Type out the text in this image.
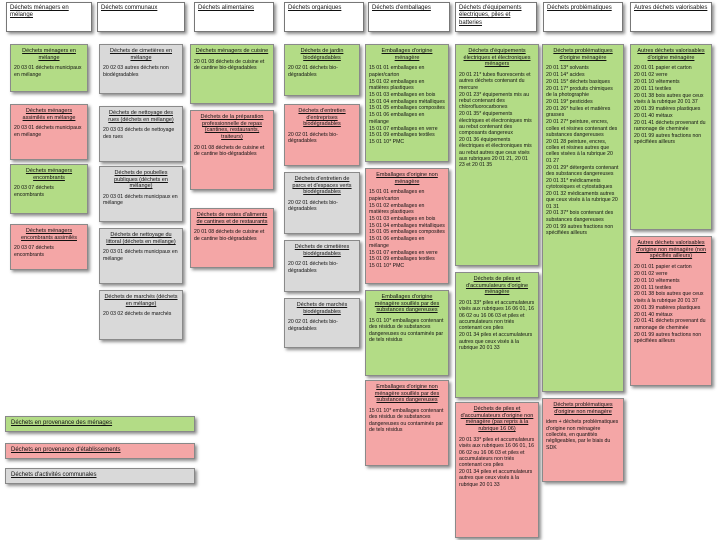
Déchets ménagers en mélange
Déchets communaux	Déchets alimentaires	Déchets organiques	Déchets d'emballages	Déchets d'équipements électriques, piles et batteries
Déchets problématiques	Autres déchets valorisables
Déchets ménagers en mélange
20 03 01 déchets municipaux en mélange
Déchets ménagers assimilés en mélange
20 03 01 déchets municipaux en mélange
Déchets ménagers encombrants
20 03 07 déchets encombrants
Déchets ménagers encombrants assimilés
20 03 07 déchets encombrants
Déchets de cimetières en mélange
20 02 03 autres déchets non biodégradables
Déchets de nettoyage des rues (déchets en mélange)
20 03 03 déchets de nettoyage des rues
Déchets de poubelles publiques (déchets en mélange)
20 03 01 déchets municipaux en mélange
Déchets de nettoyage du littoral (déchets en mélange)
20 03 01 déchets municipaux en mélange
Déchets de marchés (déchets en mélange)
20 03 02 déchets de marchés
Déchets ménagers de cuisine
20 01 08 déchets de cuisine et de cantine bio-dégradables
Déchets de la préparation professionnelle de repas (cantines, restaurants, traiteurs)
20 01 08 déchets de cuisine et de cantine bio-dégradables
Déchets de restes d'aliments de cantines et de restaurants
20 01 08 déchets de cuisine et de cantine bio-dégradables
Déchets de jardin biodégradables
20 02 01 déchets bio-dégradables
Déchets d'entretien d'entreprises biodégradables
20 02 01 déchets bio-dégradables
Déchets d'entretien de parcs et d'espaces verts biodégradables
20 02 01 déchets bio-dégradables
Déchets de cimetières biodégradables
20 02 01 déchets bio-dégradables
Déchets de marchés biodégradables
20 02 01 déchets bio-dégradables
Emballages d'origine ménagère
15 01 01 emballages en papier/carton
15 01 02 emballages en matières plastiques
15 01 03 emballages en bois
15 01 04 emballages métalliques
15 01 05 emballages composites
15 01 06 emballages en mélange
15 01 07 emballages en verre
15 01 09 emballages textiles
15 01 10* PMC
Emballages d'origine non ménagère
15 01 01 emballages en papier/carton
15 01 02 emballages en matières plastiques
15 01 03 emballages en bois
15 01 04 emballages métalliques
15 01 05 emballages composites
15 01 06 emballages en mélange
15 01 07 emballages en verre
15 01 09 emballages textiles
15 01 10* PMC
Emballages d'origine ménagère souillés par des substances dangereuses
15 01 10* emballages contenant des résidus de substances dangereuses ou contaminés par de tels résidus
Emballages d'origine non ménagère souillés par des substances dangereuses
15 01 10* emballages contenant des résidus de substances dangereuses ou contaminés par de tels résidus
Déchets d'équipements électriques et électroniques ménagers
20 01 21* tubes fluorescents et autres déchets contenant du mercure
20 01 23* équipements mis au rebut contenant des chlorofluorocarbones
20 01 35* équipements électriques et électroniques mis au rebut contenant des composants dangereux
20 01 36 équipements électriques et électroniques mis au rebut autres que ceux visés aux rubriques 20 01 21, 20 01 23 et 20 01 35
Déchets de piles et d'accumulateurs d'origine ménagère
20 01 33* piles et accumulateurs visés aux rubriques 16 06 01, 16 06 02 ou 16 06 03 et piles et accumulateurs non triés contenant ces piles
20 01 34 piles et accumulateurs autres que ceux visés à la rubrique 20 01 33
Déchets de piles et d'accumulateurs d'origine non ménagère (pas repris à la rubrique 16 06)
20 01 33* piles et accumulateurs visés aux rubriques 16 06 01, 16 06 02 ou 16 06 03 et piles et accumulateurs non triés contenant ces piles
20 01 34 piles et accumulateurs autres que ceux visés à la rubrique 20 01 33
Déchets problématiques d'origine ménagère
20 01 13* solvants
20 01 14* acides
20 01 15* déchets basiques
20 01 17* produits chimiques de la photographie
20 01 19* pesticides
20 01 26* huiles et matières grasses
20 01 27* peinture, encres, colles et résines contenant des substances dangereuses
20 01 28 peinture, encres, colles et résines autres que celles visées à la rubrique 20 01 27
20 01 29* détergents contenant des substances dangereuses
20 01 31* médicaments cytotoxiques et cytostatiques
20 01 32 médicaments autres que ceux visés à la rubrique 20 01 31
20 01 37* bois contenant des substances dangereuses
20 01 99 autres fractions non spécifiées ailleurs
Déchets problématiques d'origine non ménagère
idem + déchets problématiques d'origine non ménagère collectés, en quantités négligeables, par le biais du SDK
Autres déchets valorisables d'origine ménagère
20 01 01 papier et carton
20 01 02 verre
20 01 10 vêtements
20 01 11 textiles
20 01 38 bois autres que ceux visés à la rubrique 20 01 37
20 01 39 matières plastiques
20 01 40 métaux
20 01 41 déchets provenant du ramonage de cheminée
20 01 99 autres fractions non spécifiées ailleurs
Autres déchets valorisables d'origine non ménagère (non spécifiés ailleurs)
20 01 01 papier et carton
20 01 02 verre
20 01 10 vêtements
20 01 11 textiles
20 01 38 bois autres que ceux visés à la rubrique 20 01 37
20 01 39 matières plastiques
20 01 40 métaux
20 01 41 déchets provenant du ramonage de cheminée
20 01 99 autres fractions non spécifiées ailleurs
Déchets en provenance des ménages
Déchets en provenance d'établissements
Déchets d'activités communales
